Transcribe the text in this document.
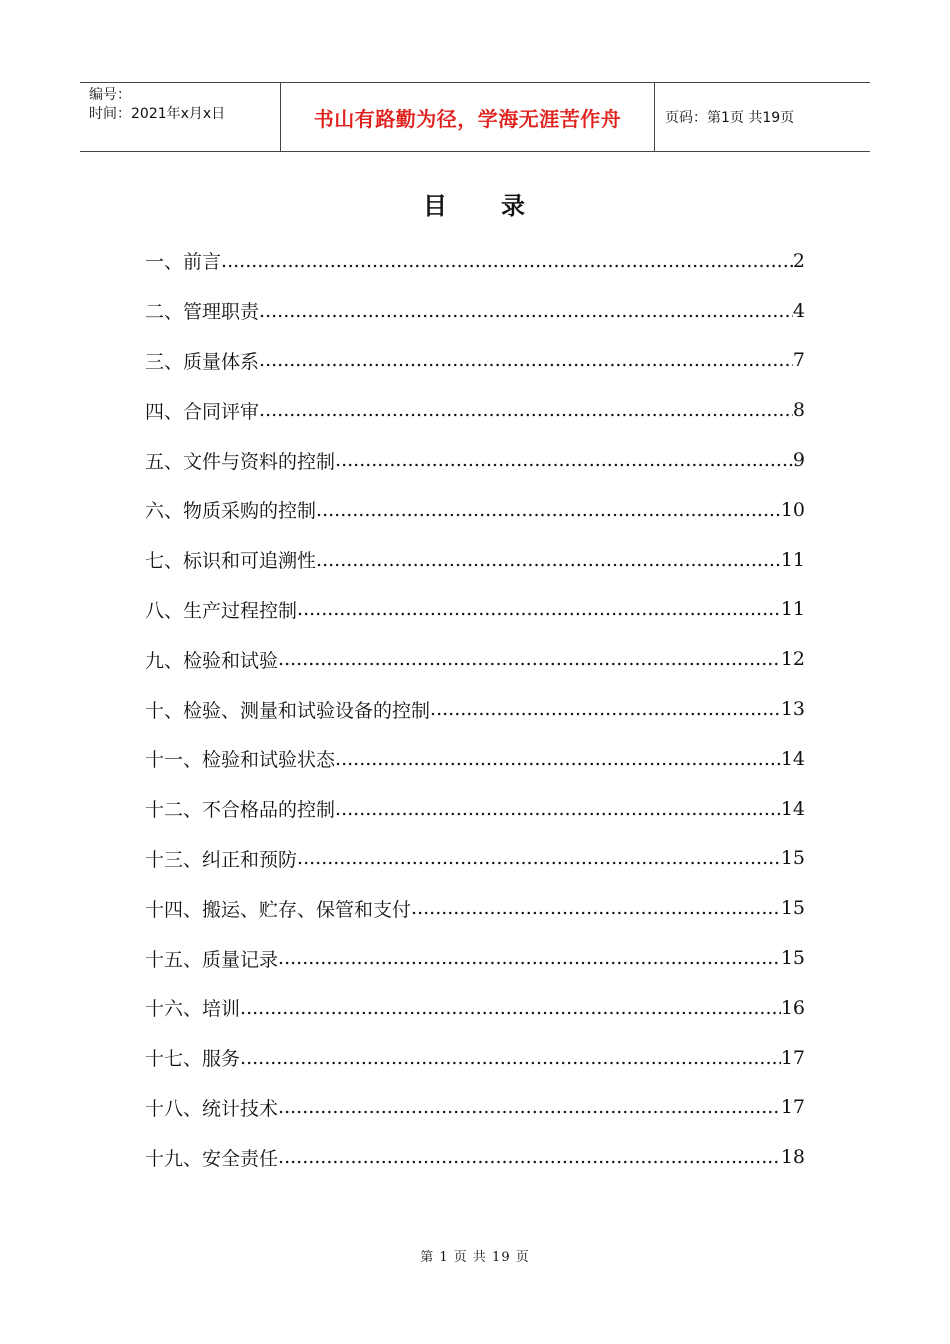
编号：
时间：2021年x月x日	书山有路勤为径，学海无涯苦作舟	页码：第1页 共19页
目 录
一、 前言 .....	2
二、 管理职责 .....	4
三、 质量体系 .....	7
四、 合同评审 .....	8
五、 文件与资料的控制 .....	9
六、 物质采购的控制 .....	10
七、 标识和可追溯性 .....	11
八、 生产过程控制 .....	11
九、 检验和试验 .....	12
十、 检验、测量和试验设备的控制 .....	13
十一、 检验和试验状态 .....	14
十二、 不合格品的控制 .....	14
十三、 纠正和预防 .....	15
十四、 搬运、贮存、保管和支付 .....	15
十五、 质量记录 .....	15
十六、 培训 .....	16
十七、 服务 .....	17
十八、 统计技术 .....	17
十九、 安全责任 .....	18
第 1 页 共 19 页
